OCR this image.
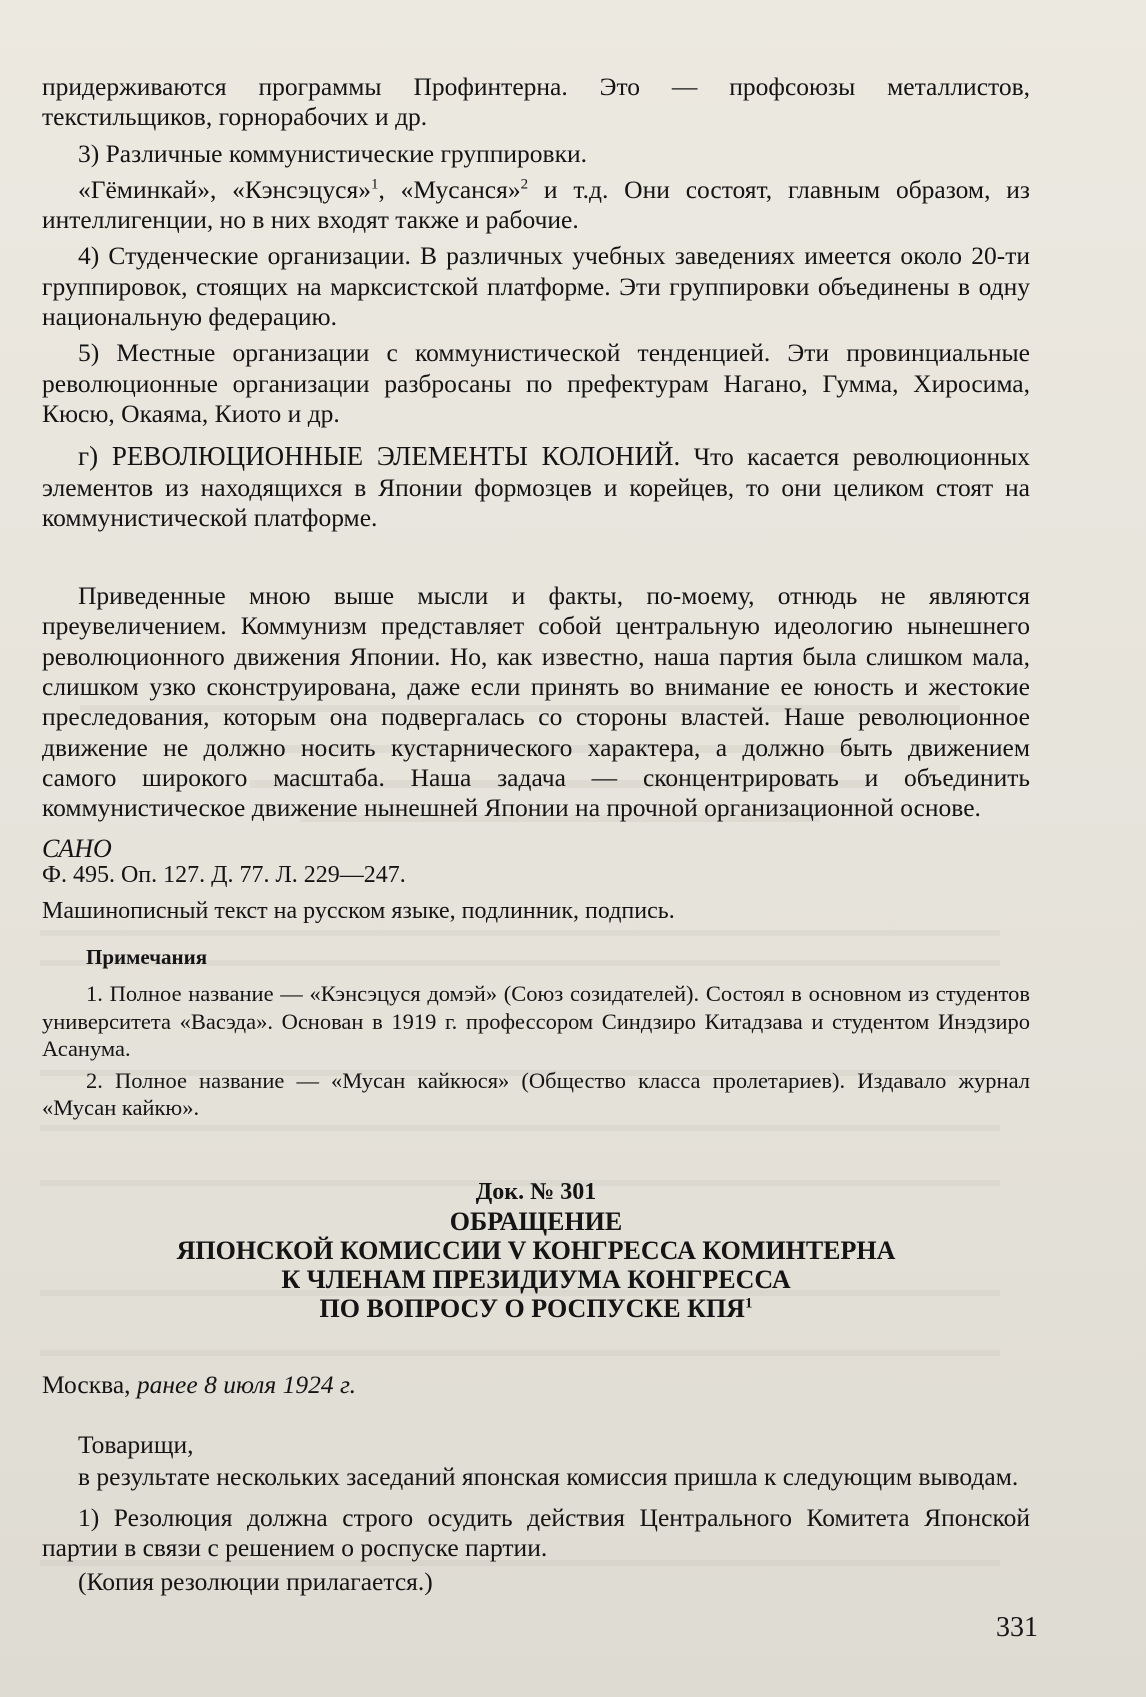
придерживаются программы Профинтерна. Это — профсоюзы металлистов, текстильщиков, горнорабочих и др.

3) Различные коммунистические группировки.

«Гёминкай», «Кэнсэцуся»$^1$, «Мусанся»$^2$ и т.д. Они состоят, главным образом, из интеллигенции, но в них входят также и рабочие.

4) Студенческие организации. В различных учебных заведениях имеется около 20-ти группировок, стоящих на марксистской платформе. Эти группировки объединены в одну национальную федерацию.

5) Местные организации с коммунистической тенденцией. Эти провинциальные революционные организации разбросаны по префектурам Нагано, Гумма, Хиросима, Кюсю, Окаяма, Киото и др.

г) РЕВОЛЮЦИОННЫЕ ЭЛЕМЕНТЫ КОЛОНИЙ. Что касается революционных элементов из находящихся в Японии формозцев и корейцев, то они целиком стоят на коммунистической платформе.

Приведенные мною выше мысли и факты, по-моему, отнюдь не являются преувеличением. Коммунизм представляет собой центральную идеологию нынешнего революционного движения Японии. Но, как известно, наша партия была слишком мала, слишком узко сконструирована, даже если принять во внимание ее юность и жестокие преследования, которым она подвергалась со стороны властей. Наше революционное движение не должно носить кустарнического характера, а должно быть движением самого широкого масштаба. Наша задача — сконцентрировать и объединить коммунистическое движение нынешней Японии на прочной организационной основе.

САНО

Ф. 495. Оп. 127. Д. 77. Л. 229—247.
Машинописный текст на русском языке, подлинник, подпись.
Примечания

1. Полное название — «Кэнсэцуся домэй» (Союз созидателей). Состоял в основном из студентов университета «Васэда». Основан в 1919 г. профессором Синдзиро Китадзава и студентом Инэдзиро Асанума.

2. Полное название — «Мусан кайкюся» (Общество класса пролетариев). Издавало журнал «Мусан кайкю».

Док. № 301
ОБРАЩЕНИЕ
ЯПОНСКОЙ КОМИССИИ V КОНГРЕССА КОМИНТЕРНА
К ЧЛЕНАМ ПРЕЗИДИУМА КОНГРЕССА
ПО ВОПРОСУ О РОСПУСКЕ КПЯ$^1$
Москва, ранее 8 июля 1924 г.

Товарищи,

в результате нескольких заседаний японская комиссия пришла к следующим выводам.

1) Резолюция должна строго осудить действия Центрального Комитета Японской партии в связи с решением о роспуске партии.

(Копия резолюции прилагается.)

331
